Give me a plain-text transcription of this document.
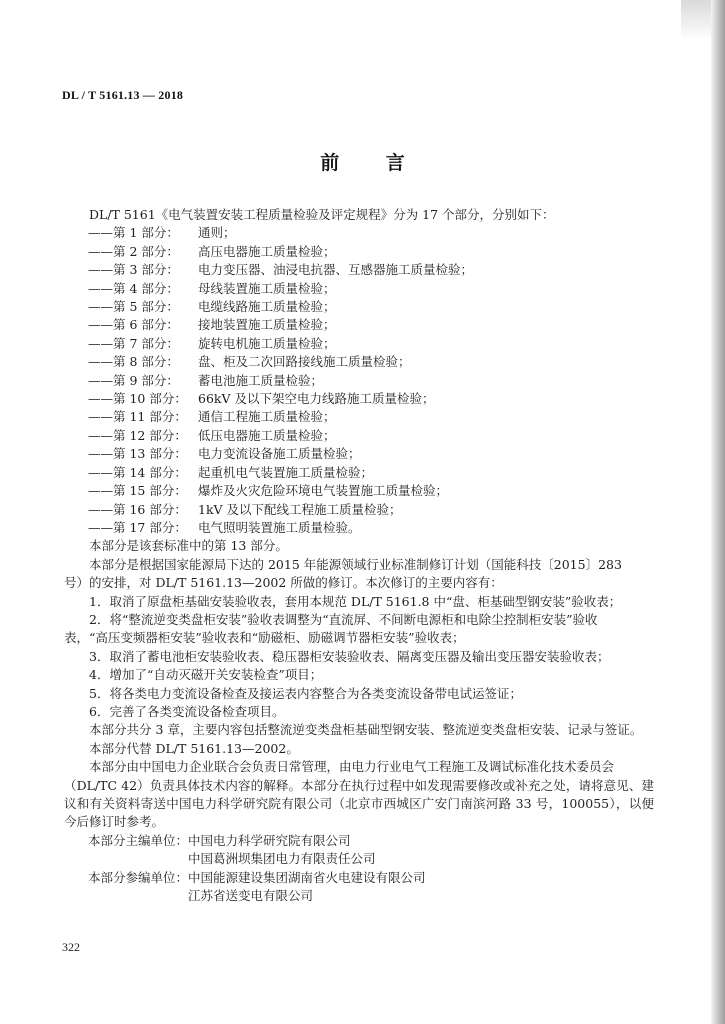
DL / T 5161.13 — 2018
前 言

DL/T 5161《电气装置安装工程质量检验及评定规程》分为 17 个部分，分别如下：

——第 1 部分： 通则；

——第 2 部分： 高压电器施工质量检验；

——第 3 部分： 电力变压器、油浸电抗器、互感器施工质量检验；

——第 4 部分： 母线装置施工质量检验；

——第 5 部分： 电缆线路施工质量检验；

——第 6 部分： 接地装置施工质量检验；

——第 7 部分： 旋转电机施工质量检验；

——第 8 部分： 盘、柜及二次回路接线施工质量检验；

——第 9 部分： 蓄电池施工质量检验；

——第 10 部分： 66kV 及以下架空电力线路施工质量检验；

——第 11 部分： 通信工程施工质量检验；

——第 12 部分： 低压电器施工质量检验；

——第 13 部分： 电力变流设备施工质量检验；

——第 14 部分： 起重机电气装置施工质量检验；

——第 15 部分： 爆炸及火灾危险环境电气装置施工质量检验；

——第 16 部分： 1kV 及以下配线工程施工质量检验；

——第 17 部分： 电气照明装置施工质量检验。

本部分是该套标准中的第 13 部分。

本部分是根据国家能源局下达的 2015 年能源领域行业标准制修订计划（国能科技〔2015〕283

号）的安排，对 DL/T 5161.13—2002 所做的修订。本次修订的主要内容有：

1．取消了原盘柜基础安装验收表，套用本规范 DL/T 5161.8 中“盘、柜基础型钢安装”验收表；

2．将“整流逆变类盘柜安装”验收表调整为“直流屏、不间断电源柜和电除尘控制柜安装”验收

表，“高压变频器柜安装”验收表和“励磁柜、励磁调节器柜安装”验收表；

3．取消了蓄电池柜安装验收表、稳压器柜安装验收表、隔离变压器及输出变压器安装验收表；

4．增加了“自动灭磁开关安装检查”项目；

5．将各类电力变流设备检查及接运表内容整合为各类变流设备带电试运签证；

6．完善了各类变流设备检查项目。

本部分共分 3 章，主要内容包括整流逆变类盘柜基础型钢安装、整流逆变类盘柜安装、记录与签证。

本部分代替 DL/T 5161.13—2002。

本部分由中国电力企业联合会负责日常管理，由电力行业电气工程施工及调试标准化技术委员会

（DL/TC 42）负责具体技术内容的解释。本部分在执行过程中如发现需要修改或补充之处，请将意见、建议和有关资料寄送中国电力科学研究院有限公司（北京市西城区广安门南滨河路 33 号，100055），以便今后修订时参考。

本部分主编单位：中国电力科学研究院有限公司

中国葛洲坝集团电力有限责任公司

本部分参编单位：中国能源建设集团湖南省火电建设有限公司

江苏省送变电有限公司

322
